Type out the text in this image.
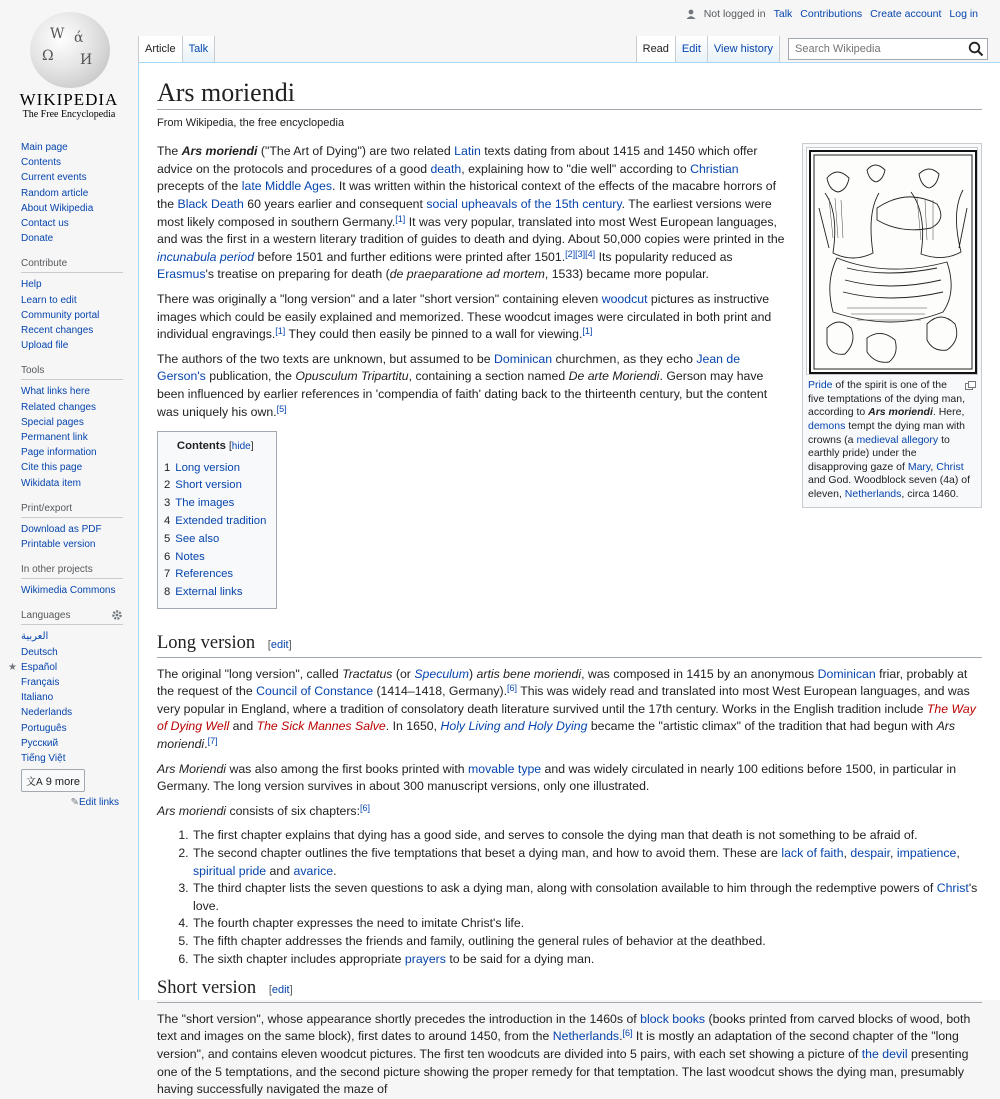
W
Ω И
ά
WIKIPEDIA
The Free Encyclopedia
Not logged in Talk Contributions Create account Log in
Article	Talk	Read	Edit	View history
Search Wikipedia
Main page
Contents
Current events
Random article
About Wikipedia
Contact us
Donate
Contribute
Help
Learn to edit
Community portal
Recent changes
Upload file
Tools
What links here
Related changes
Special pages
Permanent link
Page information
Cite this page
Wikidata item
Print/export
Download as PDF
Printable version
In other projects
Wikimedia Commons
Languages
العربية
Deutsch
★ Español
Français
Italiano
Nederlands
Português
Русский
Tiếng Việt
文A 9 more
✎Edit links
Ars moriendi
From Wikipedia, the free encyclopedia
Pride of the spirit is one of the five temptations of the dying man, according to Ars moriendi. Here, demons tempt the dying man with crowns (a medieval allegory to earthly pride) under the disapproving gaze of Mary, Christ and God. Woodblock seven (4a) of eleven, Netherlands, circa 1460.

The Ars moriendi ("The Art of Dying") are two related Latin texts dating from about 1415 and 1450 which offer advice on the protocols and procedures of a good death, explaining how to "die well" according to Christian precepts of the late Middle Ages. It was written within the historical context of the effects of the macabre horrors of the Black Death 60 years earlier and consequent social upheavals of the 15th century. The earliest versions were most likely composed in southern Germany.[1] It was very popular, translated into most West European languages, and was the first in a western literary tradition of guides to death and dying. About 50,000 copies were printed in the incunabula period before 1501 and further editions were printed after 1501.[2][3][4] Its popularity reduced as Erasmus's treatise on preparing for death (de praeparatione ad mortem, 1533) became more popular.

There was originally a "long version" and a later "short version" containing eleven woodcut pictures as instructive images which could be easily explained and memorized. These woodcut images were circulated in both print and individual engravings.[1] They could then easily be pinned to a wall for viewing.[1]

The authors of the two texts are unknown, but assumed to be Dominican churchmen, as they echo Jean de Gerson's publication, the Opusculum Tripartitu, containing a section named De arte Moriendi. Gerson may have been influenced by earlier references in 'compendia of faith' dating back to the thirteenth century, but the content was uniquely his own.[5]

Contents [hide]
1 Long version
2 Short version
3 The images
4 Extended tradition
5 See also
6 Notes
7 References
8 External links
Long version [edit]

The original "long version", called Tractatus (or Speculum) artis bene moriendi, was composed in 1415 by an anonymous Dominican friar, probably at the request of the Council of Constance (1414–1418, Germany).[6] This was widely read and translated into most West European languages, and was very popular in England, where a tradition of consolatory death literature survived until the 17th century. Works in the English tradition include The Way of Dying Well and The Sick Mannes Salve. In 1650, Holy Living and Holy Dying became the "artistic climax" of the tradition that had begun with Ars moriendi.[7]

Ars Moriendi was also among the first books printed with movable type and was widely circulated in nearly 100 editions before 1500, in particular in Germany. The long version survives in about 300 manuscript versions, only one illustrated.

Ars moriendi consists of six chapters:[6]

1. The first chapter explains that dying has a good side, and serves to console the dying man that death is not something to be afraid of.
2. The second chapter outlines the five temptations that beset a dying man, and how to avoid them. These are lack of faith, despair, impatience, spiritual pride and avarice.
3. The third chapter lists the seven questions to ask a dying man, along with consolation available to him through the redemptive powers of Christ's love.
4. The fourth chapter expresses the need to imitate Christ's life.
5. The fifth chapter addresses the friends and family, outlining the general rules of behavior at the deathbed.
6. The sixth chapter includes appropriate prayers to be said for a dying man.
Short version [edit]

The "short version", whose appearance shortly precedes the introduction in the 1460s of block books (books printed from carved blocks of wood, both text and images on the same block), first dates to around 1450, from the Netherlands.[6] It is mostly an adaptation of the second chapter of the "long version", and contains eleven woodcut pictures. The first ten woodcuts are divided into 5 pairs, with each set showing a picture of the devil presenting one of the 5 temptations, and the second picture showing the proper remedy for that temptation. The last woodcut shows the dying man, presumably having successfully navigated the maze of
